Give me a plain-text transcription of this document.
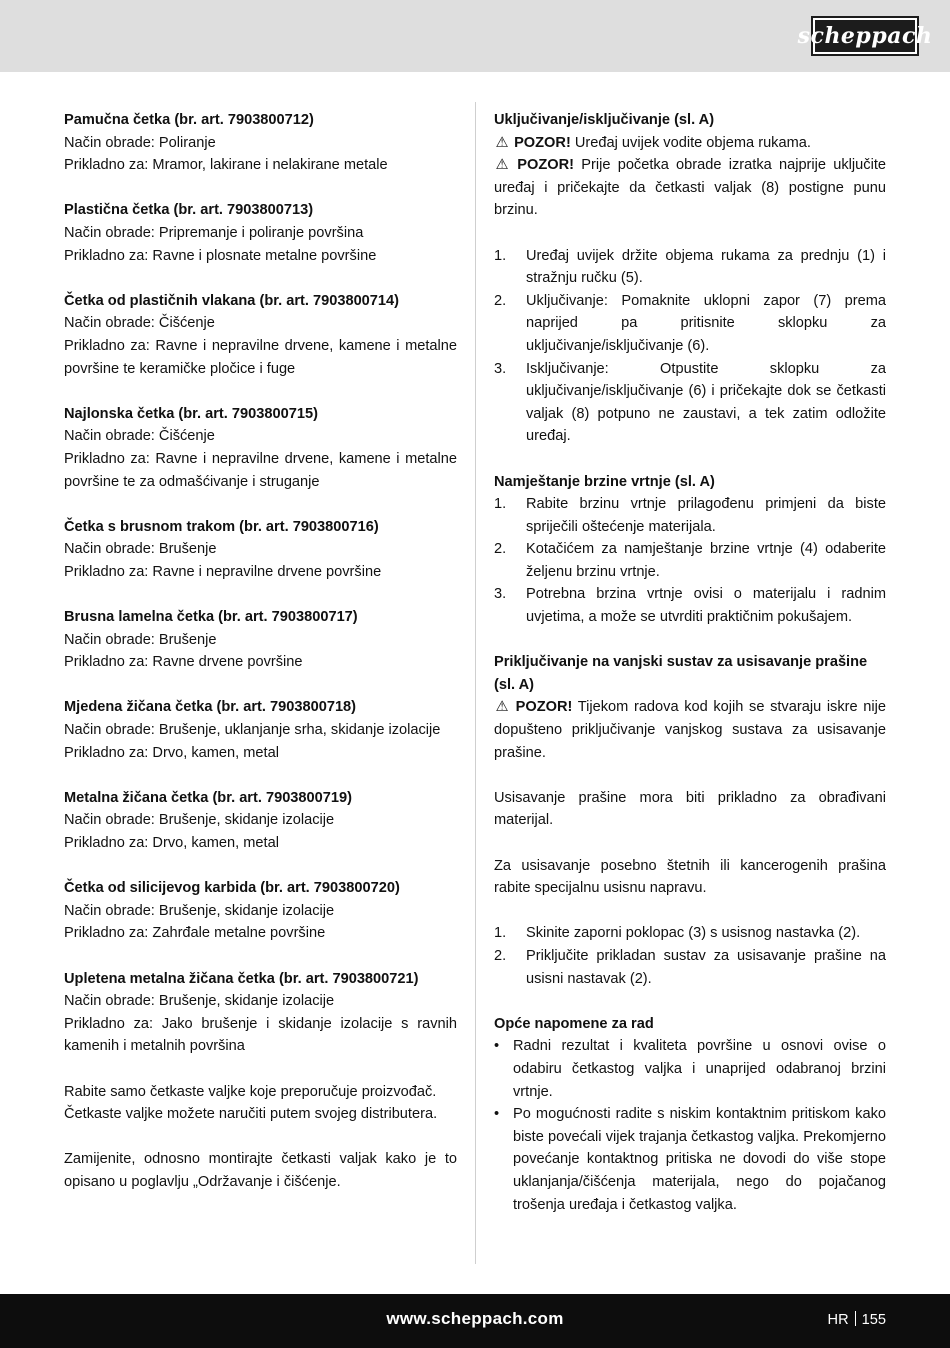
scheppach
Pamučna četka (br. art. 7903800712)
Način obrade: Poliranje
Prikladno za: Mramor, lakirane i nelakirane metale
Plastična četka (br. art. 7903800713)
Način obrade: Pripremanje i poliranje površina
Prikladno za: Ravne i plosnate metalne površine
Četka od plastičnih vlakana (br. art. 7903800714)
Način obrade: Čišćenje
Prikladno za: Ravne i nepravilne drvene, kamene i metalne površine te keramičke pločice i fuge
Najlonska četka (br. art. 7903800715)
Način obrade: Čišćenje
Prikladno za: Ravne i nepravilne drvene, kamene i metalne površine te za odmašćivanje i struganje
Četka s brusnom trakom (br. art. 7903800716)
Način obrade: Brušenje
Prikladno za: Ravne i nepravilne drvene površine
Brusna lamelna četka (br. art. 7903800717)
Način obrade: Brušenje
Prikladno za: Ravne drvene površine
Mjedena žičana četka (br. art. 7903800718)
Način obrade: Brušenje, uklanjanje srha, skidanje izolacije
Prikladno za: Drvo, kamen, metal
Metalna žičana četka (br. art. 7903800719)
Način obrade: Brušenje, skidanje izolacije
Prikladno za: Drvo, kamen, metal
Četka od silicijevog karbida (br. art. 7903800720)
Način obrade: Brušenje, skidanje izolacije
Prikladno za: Zahrđale metalne površine
Upletena metalna žičana četka (br. art. 7903800721)
Način obrade: Brušenje, skidanje izolacije
Prikladno za: Jako brušenje i skidanje izolacije s ravnih kamenih i metalnih površina
Rabite samo četkaste valjke koje preporučuje proizvođač.
Četkaste valjke možete naručiti putem svojeg distributera.
Zamijenite, odnosno montirajte četkasti valjak kako je to opisano u poglavlju „Održavanje i čišćenje.
Uključivanje/isključivanje (sl. A)
⚠ POZOR! Uređaj uvijek vodite objema rukama.
⚠ POZOR! Prije početka obrade izratka najprije uključite uređaj i pričekajte da četkasti valjak (8) postigne punu brzinu.
1. Uređaj uvijek držite objema rukama za prednju (1) i stražnju ručku (5).
2. Uključivanje: Pomaknite uklopni zapor (7) prema naprijed pa pritisnite sklopku za uključivanje/isključivanje (6).
3. Isključivanje: Otpustite sklopku za uključivanje/isključivanje (6) i pričekajte dok se četkasti valjak (8) potpuno ne zaustavi, a tek zatim odložite uređaj.
Namještanje brzine vrtnje (sl. A)
1. Rabite brzinu vrtnje prilagođenu primjeni da biste spriječili oštećenje materijala.
2. Kotačićem za namještanje brzine vrtnje (4) odaberite željenu brzinu vrtnje.
3. Potrebna brzina vrtnje ovisi o materijalu i radnim uvjetima, a može se utvrditi praktičnim pokušajem.
Priključivanje na vanjski sustav za usisavanje prašine (sl. A)
⚠ POZOR! Tijekom radova kod kojih se stvaraju iskre nije dopušteno priključivanje vanjskog sustava za usisavanje prašine.
Usisavanje prašine mora biti prikladno za obrađivani materijal.
Za usisavanje posebno štetnih ili kancerogenih prašina rabite specijalnu usisnu napravu.
1. Skinite zaporni poklopac (3) s usisnog nastavka (2).
2. Priključite prikladan sustav za usisavanje prašine na usisni nastavak (2).
Opće napomene za rad
• Radni rezultat i kvaliteta površine u osnovi ovise o odabiru četkastog valjka i unaprijed odabranoj brzini vrtnje.
• Po mogućnosti radite s niskim kontaktnim pritiskom kako biste povećali vijek trajanja četkastog valjka. Prekomjerno povećanje kontaktnog pritiska ne dovodi do više stope uklanjanja/čišćenja materijala, nego do pojačanog trošenja uređaja i četkastog valjka.
www.scheppach.com	HR 155
